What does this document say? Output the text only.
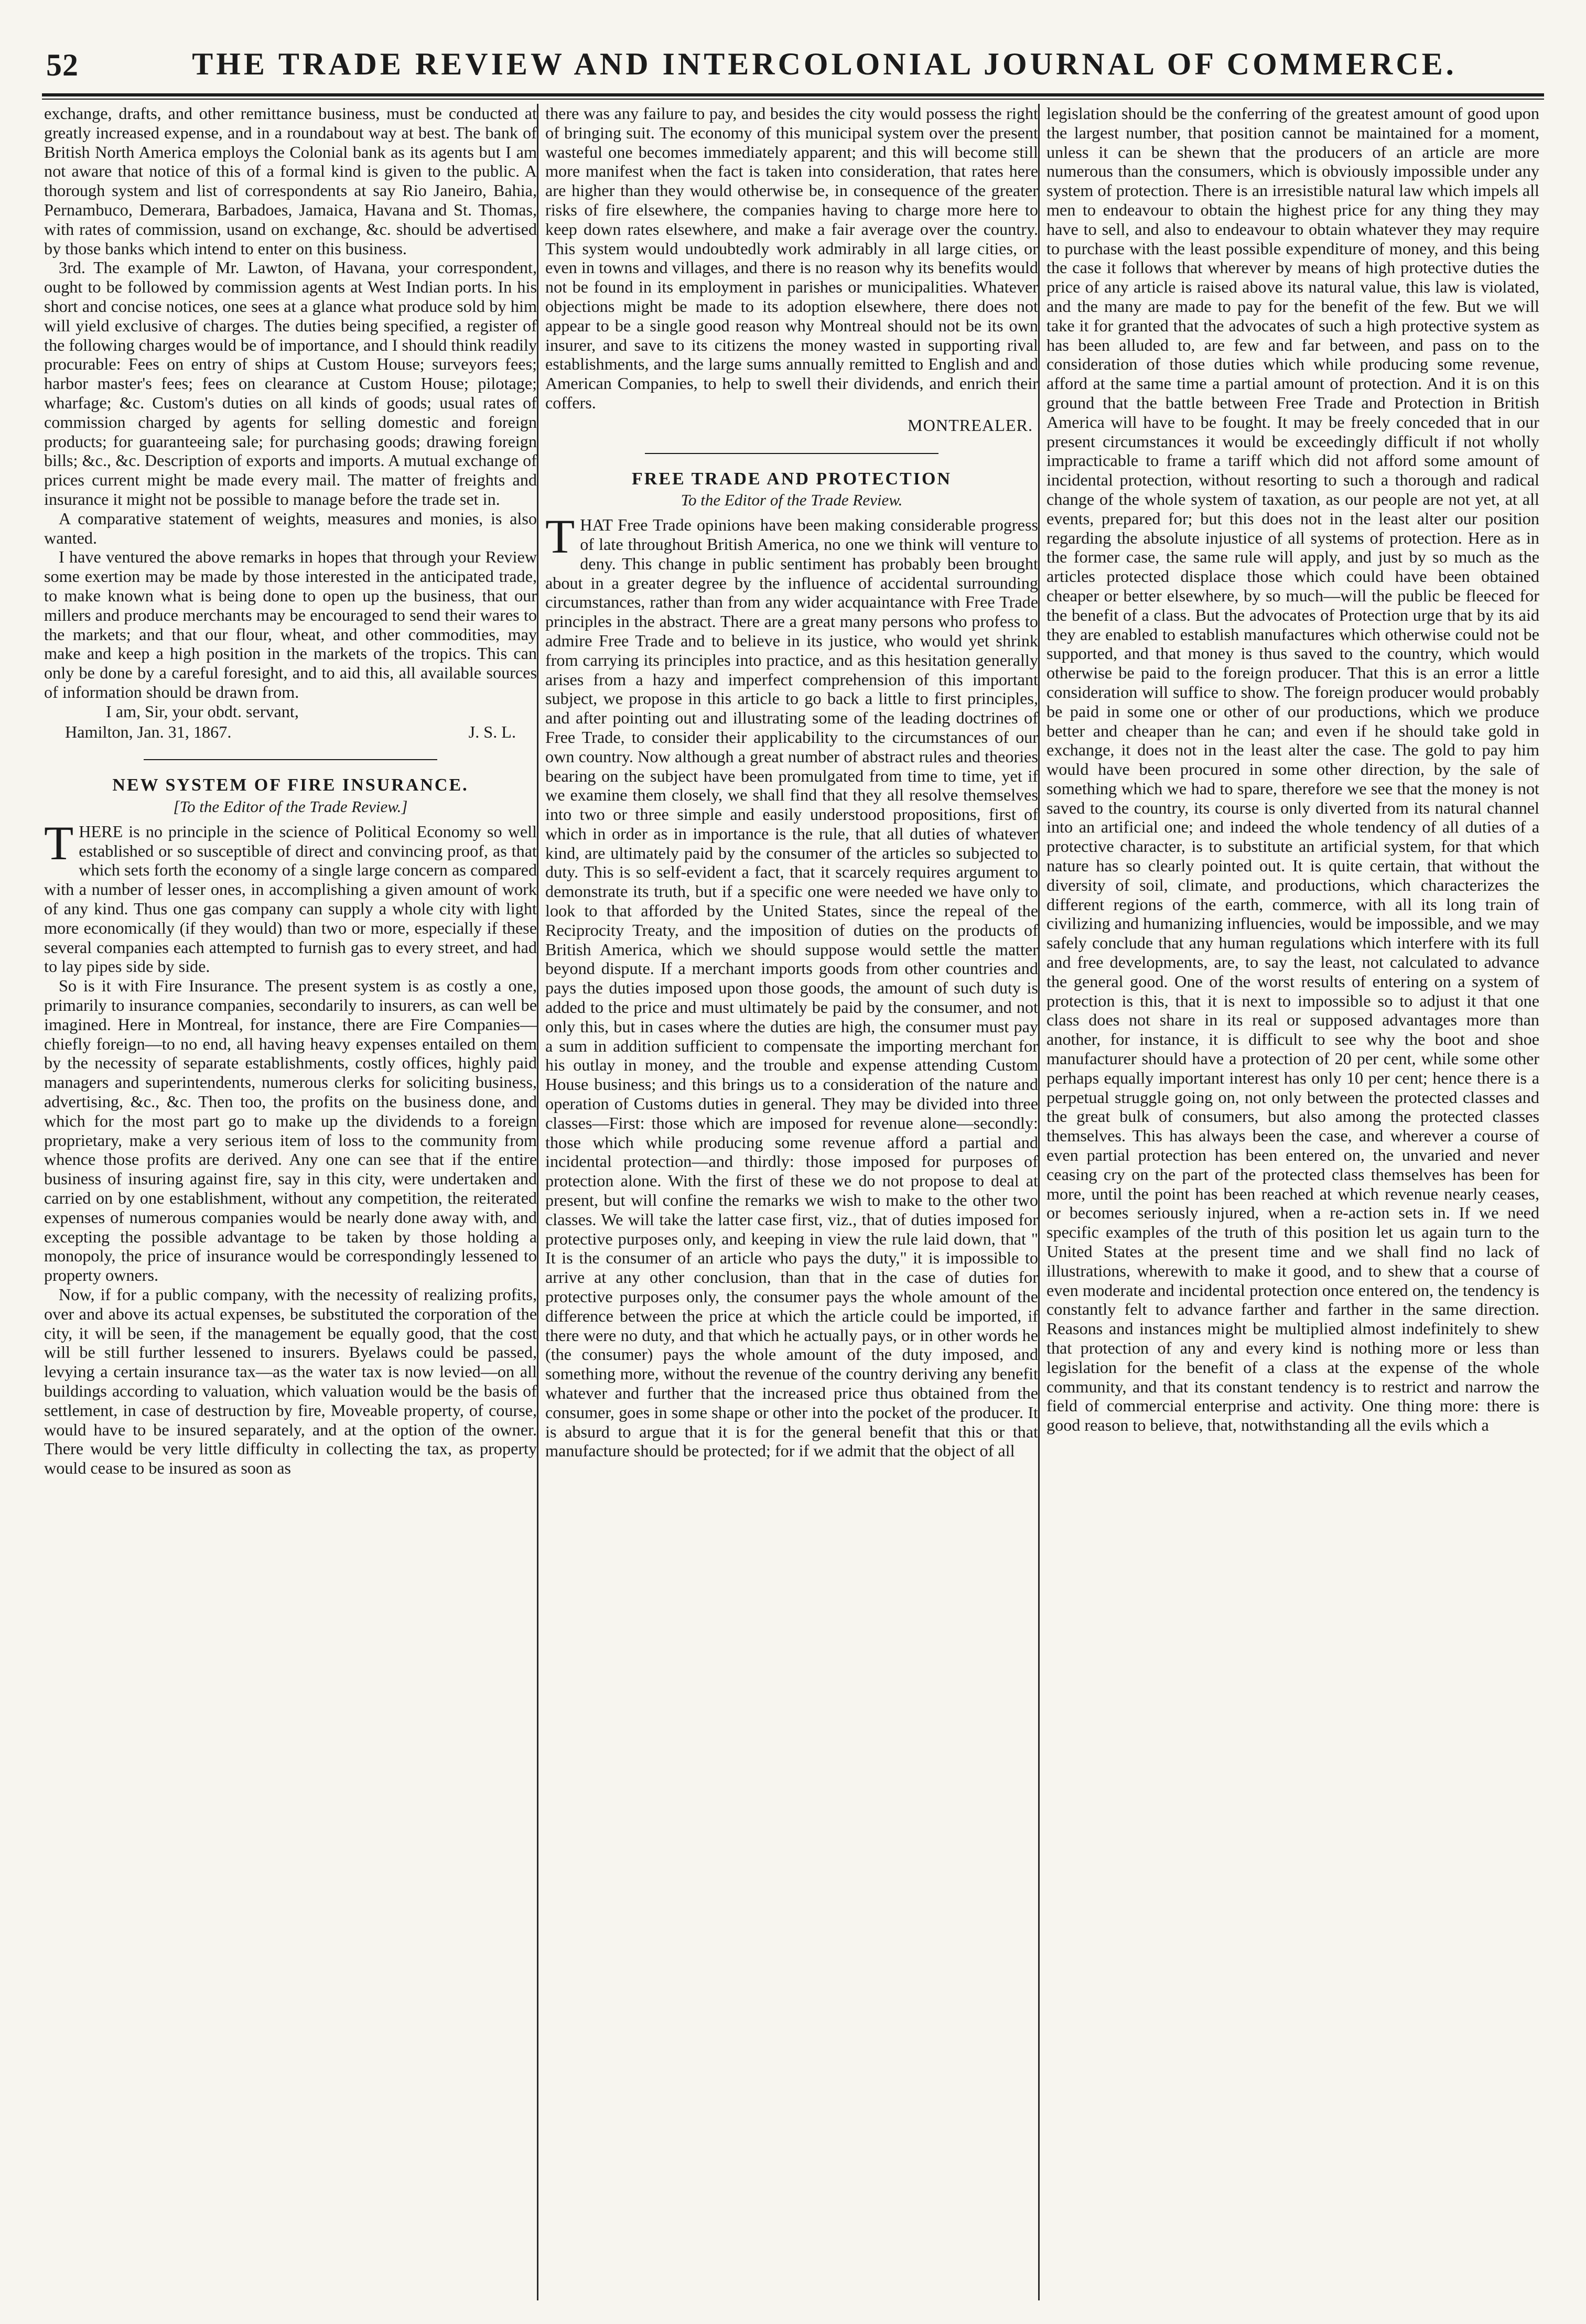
52	THE TRADE REVIEW AND INTERCOLONIAL JOURNAL OF COMMERCE.

exchange, drafts, and other remittance business, must be conducted at greatly increased expense, and in a roundabout way at best. The bank of British North America employs the Colonial bank as its agents but I am not aware that notice of this of a formal kind is given to the public. A thorough system and list of correspondents at say Rio Janeiro, Bahia, Pernambuco, Demerara, Barbadoes, Jamaica, Havana and St. Thomas, with rates of commission, usand on exchange, &c. should be advertised by those banks which intend to enter on this business.

3rd. The example of Mr. Lawton, of Havana, your correspondent, ought to be followed by commission agents at West Indian ports. In his short and concise notices, one sees at a glance what produce sold by him will yield exclusive of charges. The duties being specified, a register of the following charges would be of importance, and I should think readily procurable: Fees on entry of ships at Custom House; surveyors fees; harbor master's fees; fees on clearance at Custom House; pilotage; wharfage; &c. Custom's duties on all kinds of goods; usual rates of commission charged by agents for selling domestic and foreign products; for guaranteeing sale; for purchasing goods; drawing foreign bills; &c., &c. Description of exports and imports. A mutual exchange of prices current might be made every mail. The matter of freights and insurance it might not be possible to manage before the trade set in.

A comparative statement of weights, measures and monies, is also wanted.

I have ventured the above remarks in hopes that through your Review some exertion may be made by those interested in the anticipated trade, to make known what is being done to open up the business, that our millers and produce merchants may be encouraged to send their wares to the markets; and that our flour, wheat, and other commodities, may make and keep a high position in the markets of the tropics. This can only be done by a careful foresight, and to aid this, all available sources of information should be drawn from.

I am, Sir, your obdt. servant,

Hamilton, Jan. 31, 1867.	J. S. L.
NEW SYSTEM OF FIRE INSURANCE.
[To the Editor of the Trade Review.]

THERE is no principle in the science of Political Economy so well established or so susceptible of direct and convincing proof, as that which sets forth the economy of a single large concern as compared with a number of lesser ones, in accomplishing a given amount of work of any kind. Thus one gas company can supply a whole city with light more economically (if they would) than two or more, especially if these several companies each attempted to furnish gas to every street, and had to lay pipes side by side.

So is it with Fire Insurance. The present system is as costly a one, primarily to insurance companies, secondarily to insurers, as can well be imagined. Here in Montreal, for instance, there are Fire Companies—chiefly foreign—to no end, all having heavy expenses entailed on them by the necessity of separate establishments, costly offices, highly paid managers and superintendents, numerous clerks for soliciting business, advertising, &c., &c. Then too, the profits on the business done, and which for the most part go to make up the dividends to a foreign proprietary, make a very serious item of loss to the community from whence those profits are derived. Any one can see that if the entire business of insuring against fire, say in this city, were undertaken and carried on by one establishment, without any competition, the reiterated expenses of numerous companies would be nearly done away with, and excepting the possible advantage to be taken by those holding a monopoly, the price of insurance would be correspondingly lessened to property owners.

Now, if for a public company, with the necessity of realizing profits, over and above its actual expenses, be substituted the corporation of the city, it will be seen, if the management be equally good, that the cost will be still further lessened to insurers. Byelaws could be passed, levying a certain insurance tax—as the water tax is now levied—on all buildings according to valuation, which valuation would be the basis of settlement, in case of destruction by fire, Moveable property, of course, would have to be insured separately, and at the option of the owner. There would be very little difficulty in collecting the tax, as property would cease to be insured as soon as

there was any failure to pay, and besides the city would possess the right of bringing suit. The economy of this municipal system over the present wasteful one becomes immediately apparent; and this will become still more manifest when the fact is taken into consideration, that rates here are higher than they would otherwise be, in consequence of the greater risks of fire elsewhere, the companies having to charge more here to keep down rates elsewhere, and make a fair average over the country. This system would undoubtedly work admirably in all large cities, or even in towns and villages, and there is no reason why its benefits would not be found in its employment in parishes or municipalities. Whatever objections might be made to its adoption elsewhere, there does not appear to be a single good reason why Montreal should not be its own insurer, and save to its citizens the money wasted in supporting rival establishments, and the large sums annually remitted to English and and American Companies, to help to swell their dividends, and enrich their coffers.

MONTREALER.
FREE TRADE AND PROTECTION
To the Editor of the Trade Review.

THAT Free Trade opinions have been making considerable progress of late throughout British America, no one we think will venture to deny. This change in public sentiment has probably been brought about in a greater degree by the influence of accidental surrounding circumstances, rather than from any wider acquaintance with Free Trade principles in the abstract. There are a great many persons who profess to admire Free Trade and to believe in its justice, who would yet shrink from carrying its principles into practice, and as this hesitation generally arises from a hazy and imperfect comprehension of this important subject, we propose in this article to go back a little to first principles, and after pointing out and illustrating some of the leading doctrines of Free Trade, to consider their applicability to the circumstances of our own country. Now although a great number of abstract rules and theories bearing on the subject have been promulgated from time to time, yet if we examine them closely, we shall find that they all resolve themselves into two or three simple and easily understood propositions, first of which in order as in importance is the rule, that all duties of whatever kind, are ultimately paid by the consumer of the articles so subjected to duty. This is so self-evident a fact, that it scarcely requires argument to demonstrate its truth, but if a specific one were needed we have only to look to that afforded by the United States, since the repeal of the Reciprocity Treaty, and the imposition of duties on the products of British America, which we should suppose would settle the matter beyond dispute. If a merchant imports goods from other countries and pays the duties imposed upon those goods, the amount of such duty is added to the price and must ultimately be paid by the consumer, and not only this, but in cases where the duties are high, the consumer must pay a sum in addition sufficient to compensate the importing merchant for his outlay in money, and the trouble and expense attending Custom House business; and this brings us to a consideration of the nature and operation of Customs duties in general. They may be divided into three classes—First: those which are imposed for revenue alone—secondly: those which while producing some revenue afford a partial and incidental protection—and thirdly: those imposed for purposes of protection alone. With the first of these we do not propose to deal at present, but will confine the remarks we wish to make to the other two classes. We will take the latter case first, viz., that of duties imposed for protective purposes only, and keeping in view the rule laid down, that " It is the consumer of an article who pays the duty," it is impossible to arrive at any other conclusion, than that in the case of duties for protective purposes only, the consumer pays the whole amount of the difference between the price at which the article could be imported, if there were no duty, and that which he actually pays, or in other words he (the consumer) pays the whole amount of the duty imposed, and something more, without the revenue of the country deriving any benefit whatever and further that the increased price thus obtained from the consumer, goes in some shape or other into the pocket of the producer. It is absurd to argue that it is for the general benefit that this or that manufacture should be protected; for if we admit that the object of all

legislation should be the conferring of the greatest amount of good upon the largest number, that position cannot be maintained for a moment, unless it can be shewn that the producers of an article are more numerous than the consumers, which is obviously impossible under any system of protection. There is an irresistible natural law which impels all men to endeavour to obtain the highest price for any thing they may have to sell, and also to endeavour to obtain whatever they may require to purchase with the least possible expenditure of money, and this being the case it follows that wherever by means of high protective duties the price of any article is raised above its natural value, this law is violated, and the many are made to pay for the benefit of the few. But we will take it for granted that the advocates of such a high protective system as has been alluded to, are few and far between, and pass on to the consideration of those duties which while producing some revenue, afford at the same time a partial amount of protection. And it is on this ground that the battle between Free Trade and Protection in British America will have to be fought. It may be freely conceded that in our present circumstances it would be exceedingly difficult if not wholly impracticable to frame a tariff which did not afford some amount of incidental protection, without resorting to such a thorough and radical change of the whole system of taxation, as our people are not yet, at all events, prepared for; but this does not in the least alter our position regarding the absolute injustice of all systems of protection. Here as in the former case, the same rule will apply, and just by so much as the articles protected displace those which could have been obtained cheaper or better elsewhere, by so much—will the public be fleeced for the benefit of a class. But the advocates of Protection urge that by its aid they are enabled to establish manufactures which otherwise could not be supported, and that money is thus saved to the country, which would otherwise be paid to the foreign producer. That this is an error a little consideration will suffice to show. The foreign producer would probably be paid in some one or other of our productions, which we produce better and cheaper than he can; and even if he should take gold in exchange, it does not in the least alter the case. The gold to pay him would have been procured in some other direction, by the sale of something which we had to spare, therefore we see that the money is not saved to the country, its course is only diverted from its natural channel into an artificial one; and indeed the whole tendency of all duties of a protective character, is to substitute an artificial system, for that which nature has so clearly pointed out. It is quite certain, that without the diversity of soil, climate, and productions, which characterizes the different regions of the earth, commerce, with all its long train of civilizing and humanizing influencies, would be impossible, and we may safely conclude that any human regulations which interfere with its full and free developments, are, to say the least, not calculated to advance the general good. One of the worst results of entering on a system of protection is this, that it is next to impossible so to adjust it that one class does not share in its real or supposed advantages more than another, for instance, it is difficult to see why the boot and shoe manufacturer should have a protection of 20 per cent, while some other perhaps equally important interest has only 10 per cent; hence there is a perpetual struggle going on, not only between the protected classes and the great bulk of consumers, but also among the protected classes themselves. This has always been the case, and wherever a course of even partial protection has been entered on, the unvaried and never ceasing cry on the part of the protected class themselves has been for more, until the point has been reached at which revenue nearly ceases, or becomes seriously injured, when a re-action sets in. If we need specific examples of the truth of this position let us again turn to the United States at the present time and we shall find no lack of illustrations, wherewith to make it good, and to shew that a course of even moderate and incidental protection once entered on, the tendency is constantly felt to advance farther and farther in the same direction. Reasons and instances might be multiplied almost indefinitely to shew that protection of any and every kind is nothing more or less than legislation for the benefit of a class at the expense of the whole community, and that its constant tendency is to restrict and narrow the field of commercial enterprise and activity. One thing more: there is good reason to believe, that, notwithstanding all the evils which a
